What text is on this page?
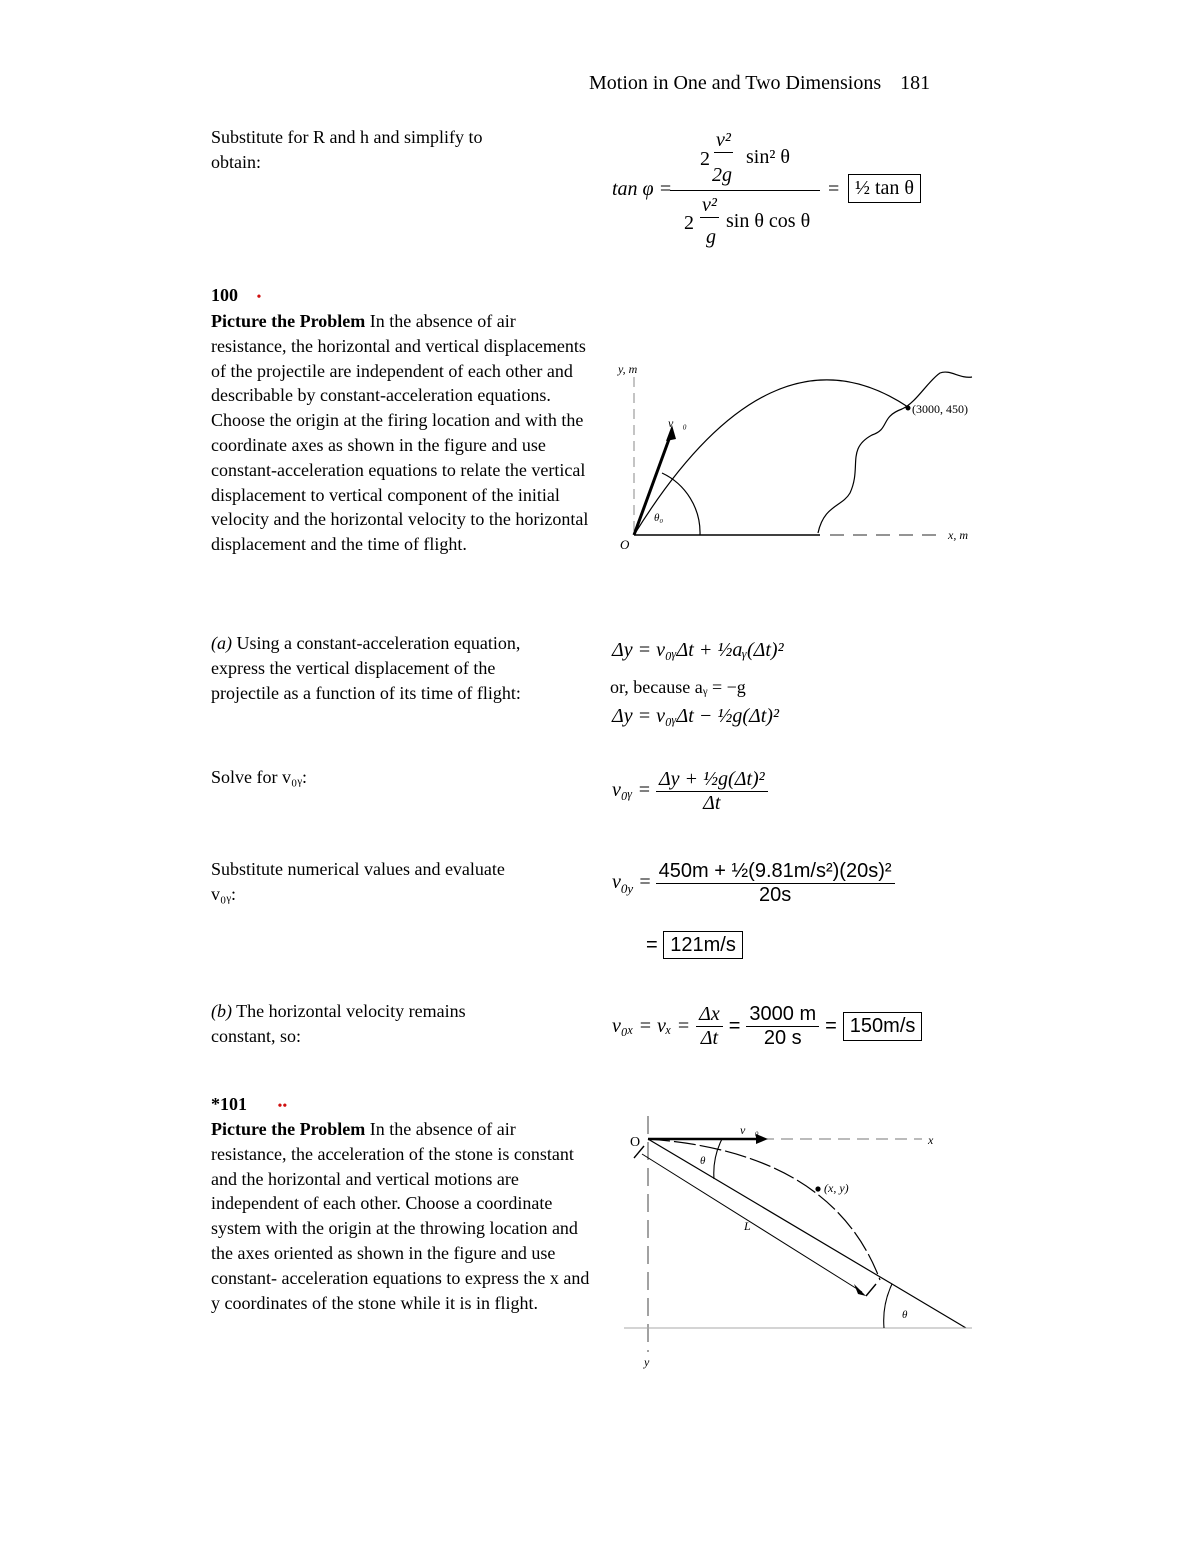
Motion in One and Two Dimensions 181
Substitute for R and h and simplify to obtain:
tan φ =
2
v²
2g
sin² θ
2
v²
g
sin θ cos θ
= ½ tan θ
100 •
Picture the Problem In the absence of air resistance, the horizontal and vertical displacements of the projectile are independent of each other and describable by constant-acceleration equations. Choose the origin at the firing location and with the coordinate axes as shown in the figure and use constant-acceleration equations to relate the vertical displacement to vertical component of the initial velocity and the horizontal velocity to the horizontal displacement and the time of flight.
y, m
x, m
O
v⃗₀
θ₀
(3000, 450)
(a) Using a constant-acceleration equation, express the vertical displacement of the projectile as a function of its time of flight:
Δy = v₀ᵧΔt + ½aᵧ(Δt)²
or, because aᵧ = −g
Δy = v₀ᵧΔt − ½g(Δt)²
Solve for v₀ᵧ:
v₀ᵧ = $\frac{\text{Δy + ½g(Δt)²}}{\Delta t}$
Substitute numerical values and evaluate v₀ᵧ:
$v_{0y} = \frac{\text{450m + ½(9.81m/s²)(20s)²}}{20s}$
= 121m/s
(b) The horizontal velocity remains constant, so:	$v_{0x} = v_x = \frac{\Delta x}{\Delta t} = \frac{3000 m}{20 s} = 150m/s$
*101 ••
Picture the Problem In the absence of air resistance, the acceleration of the stone is constant and the horizontal and vertical motions are independent of each other. Choose a coordinate system with the origin at the throwing location and the axes oriented as shown in the figure and use constant- acceleration equations to express the x and y coordinates of the stone while it is in flight.
O	x
y
v⃗₀
θ
(x, y)
L
θ
